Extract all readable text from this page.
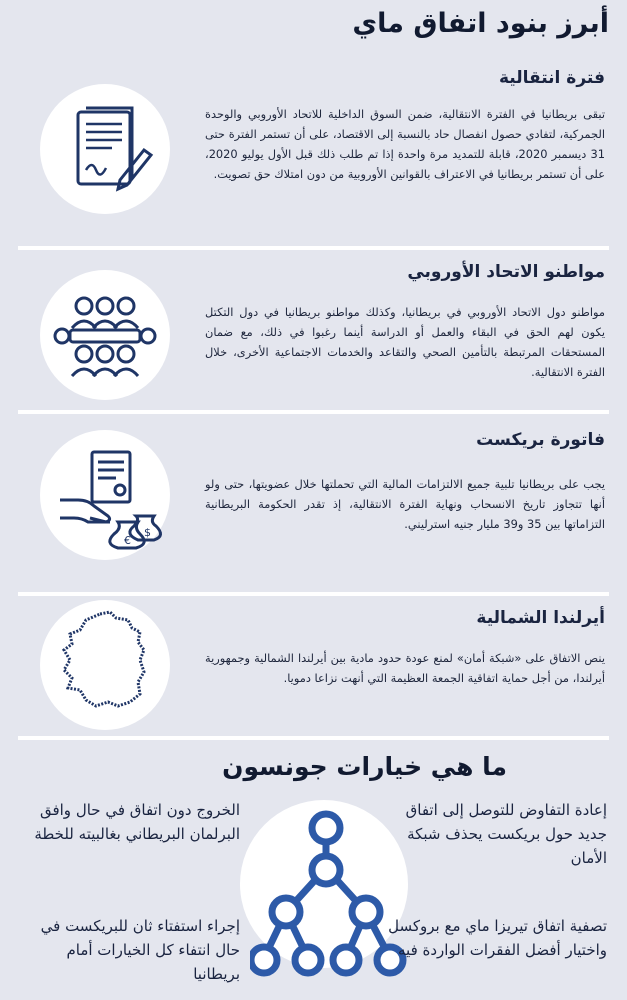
أبرز بنود اتفاق ماي
فترة انتقالية
تبقى بريطانيا في الفترة الانتقالية، ضمن السوق الداخلية للاتحاد الأوروبي والوحدة الجمركية، لتفادي حصول انفصال حاد بالنسبة إلى الاقتصاد، على أن تستمر الفترة حتى 31 ديسمبر 2020، قابلة للتمديد مرة واحدة إذا تم طلب ذلك قبل الأول يوليو 2020، على أن تستمر بريطانيا في الاعتراف بالقوانين الأوروبية من دون امتلاك حق تصويت.
مواطنو الاتحاد الأوروبي
مواطنو دول الاتحاد الأوروبي في بريطانيا، وكذلك مواطنو بريطانيا في دول التكتل يكون لهم الحق في البقاء والعمل أو الدراسة أينما رغبوا في ذلك، مع ضمان المستحقات المرتبطة بالتأمين الصحي والتقاعد والخدمات الاجتماعية الأخرى، خلال الفترة الانتقالية.
فاتورة بريكست
يجب على بريطانيا تلبية جميع الالتزامات المالية التي تحملتها خلال عضويتها، حتى ولو أنها تتجاوز تاريخ الانسحاب ونهاية الفترة الانتقالية، إذ تقدر الحكومة البريطانية التزاماتها بين 35 و39 مليار جنيه استرليني.
€
$
أيرلندا الشمالية
ينص الاتفاق على «شبكة أمان» لمنع عودة حدود مادية بين أيرلندا الشمالية وجمهورية أيرلندا، من أجل حماية اتفاقية الجمعة العظيمة التي أنهت نزاعا دمويا.
ما هي خيارات جونسون
الخروج دون اتفاق في حال وافق البرلمان البريطاني بغالبيته للخطة
إعادة التفاوض للتوصل إلى اتفاق جديد حول بريكست يحذف شبكة الأمان
إجراء استفتاء ثان للبريكست في حال انتفاء كل الخيارات أمام بريطانيا
تصفية اتفاق تيريزا ماي مع بروكسل واختيار أفضل الفقرات الواردة فيه
